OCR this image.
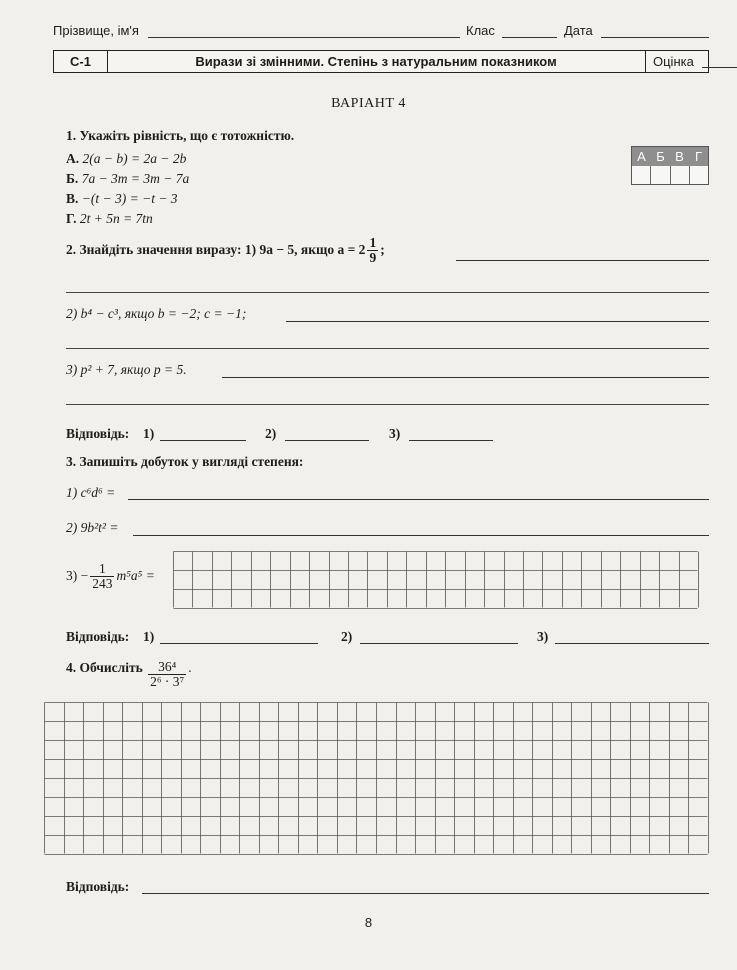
Прізвище, ім'я	Клас	Дата
С-1	Вирази зі змінними. Степінь з натуральним показником	Оцінка
ВАРІАНТ 4
1. Укажіть рівність, що є тотожністю.
А. 2(a − b) = 2a − 2b
Б. 7a − 3m = 3m − 7a
В. −(t − 3) = −t − 3
Г. 2t + 5n = 7tn
А Б В Г
2. Знайдіть значення виразу: 1) 9a − 5, якщо $a = 2 \frac{1}{9}$ ;
2) b⁴ − c³, якщо b = −2; c = −1;
3) p² + 7, якщо p = 5.
Відповідь: 1)	2)	3)
3. Запишіть добуток у вигляді степеня:
1) c⁶d⁶ =
2) 9b²t² =
$3) - \frac{1}{243} m^5a^5$ =
Відповідь: 1)	2)	3)
4. Обчисліть $\frac{\text{36⁴}}{\text{2⁶ · 3⁷}}$ .
Відповідь:
8
